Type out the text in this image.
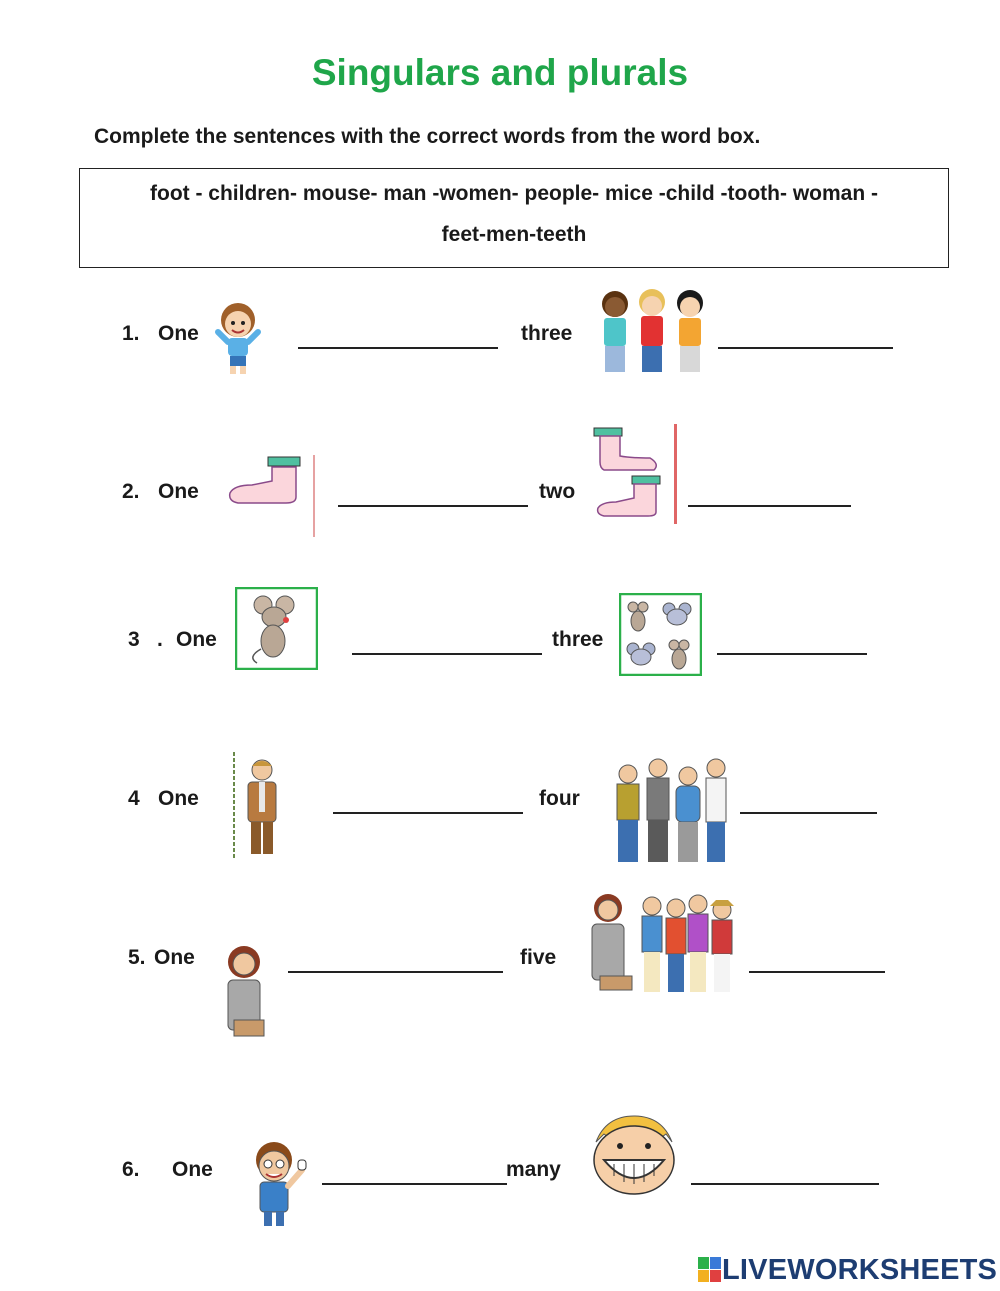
Singulars and plurals
Complete the sentences with the correct words from the word box.
foot - children- mouse- man -women- people- mice -child -tooth- woman -
feet-men-teeth
1. One	three
2. One	two
3 . One	three
4 One	four
5. One	five
6. One	many
LIVEWORKSHEETS
